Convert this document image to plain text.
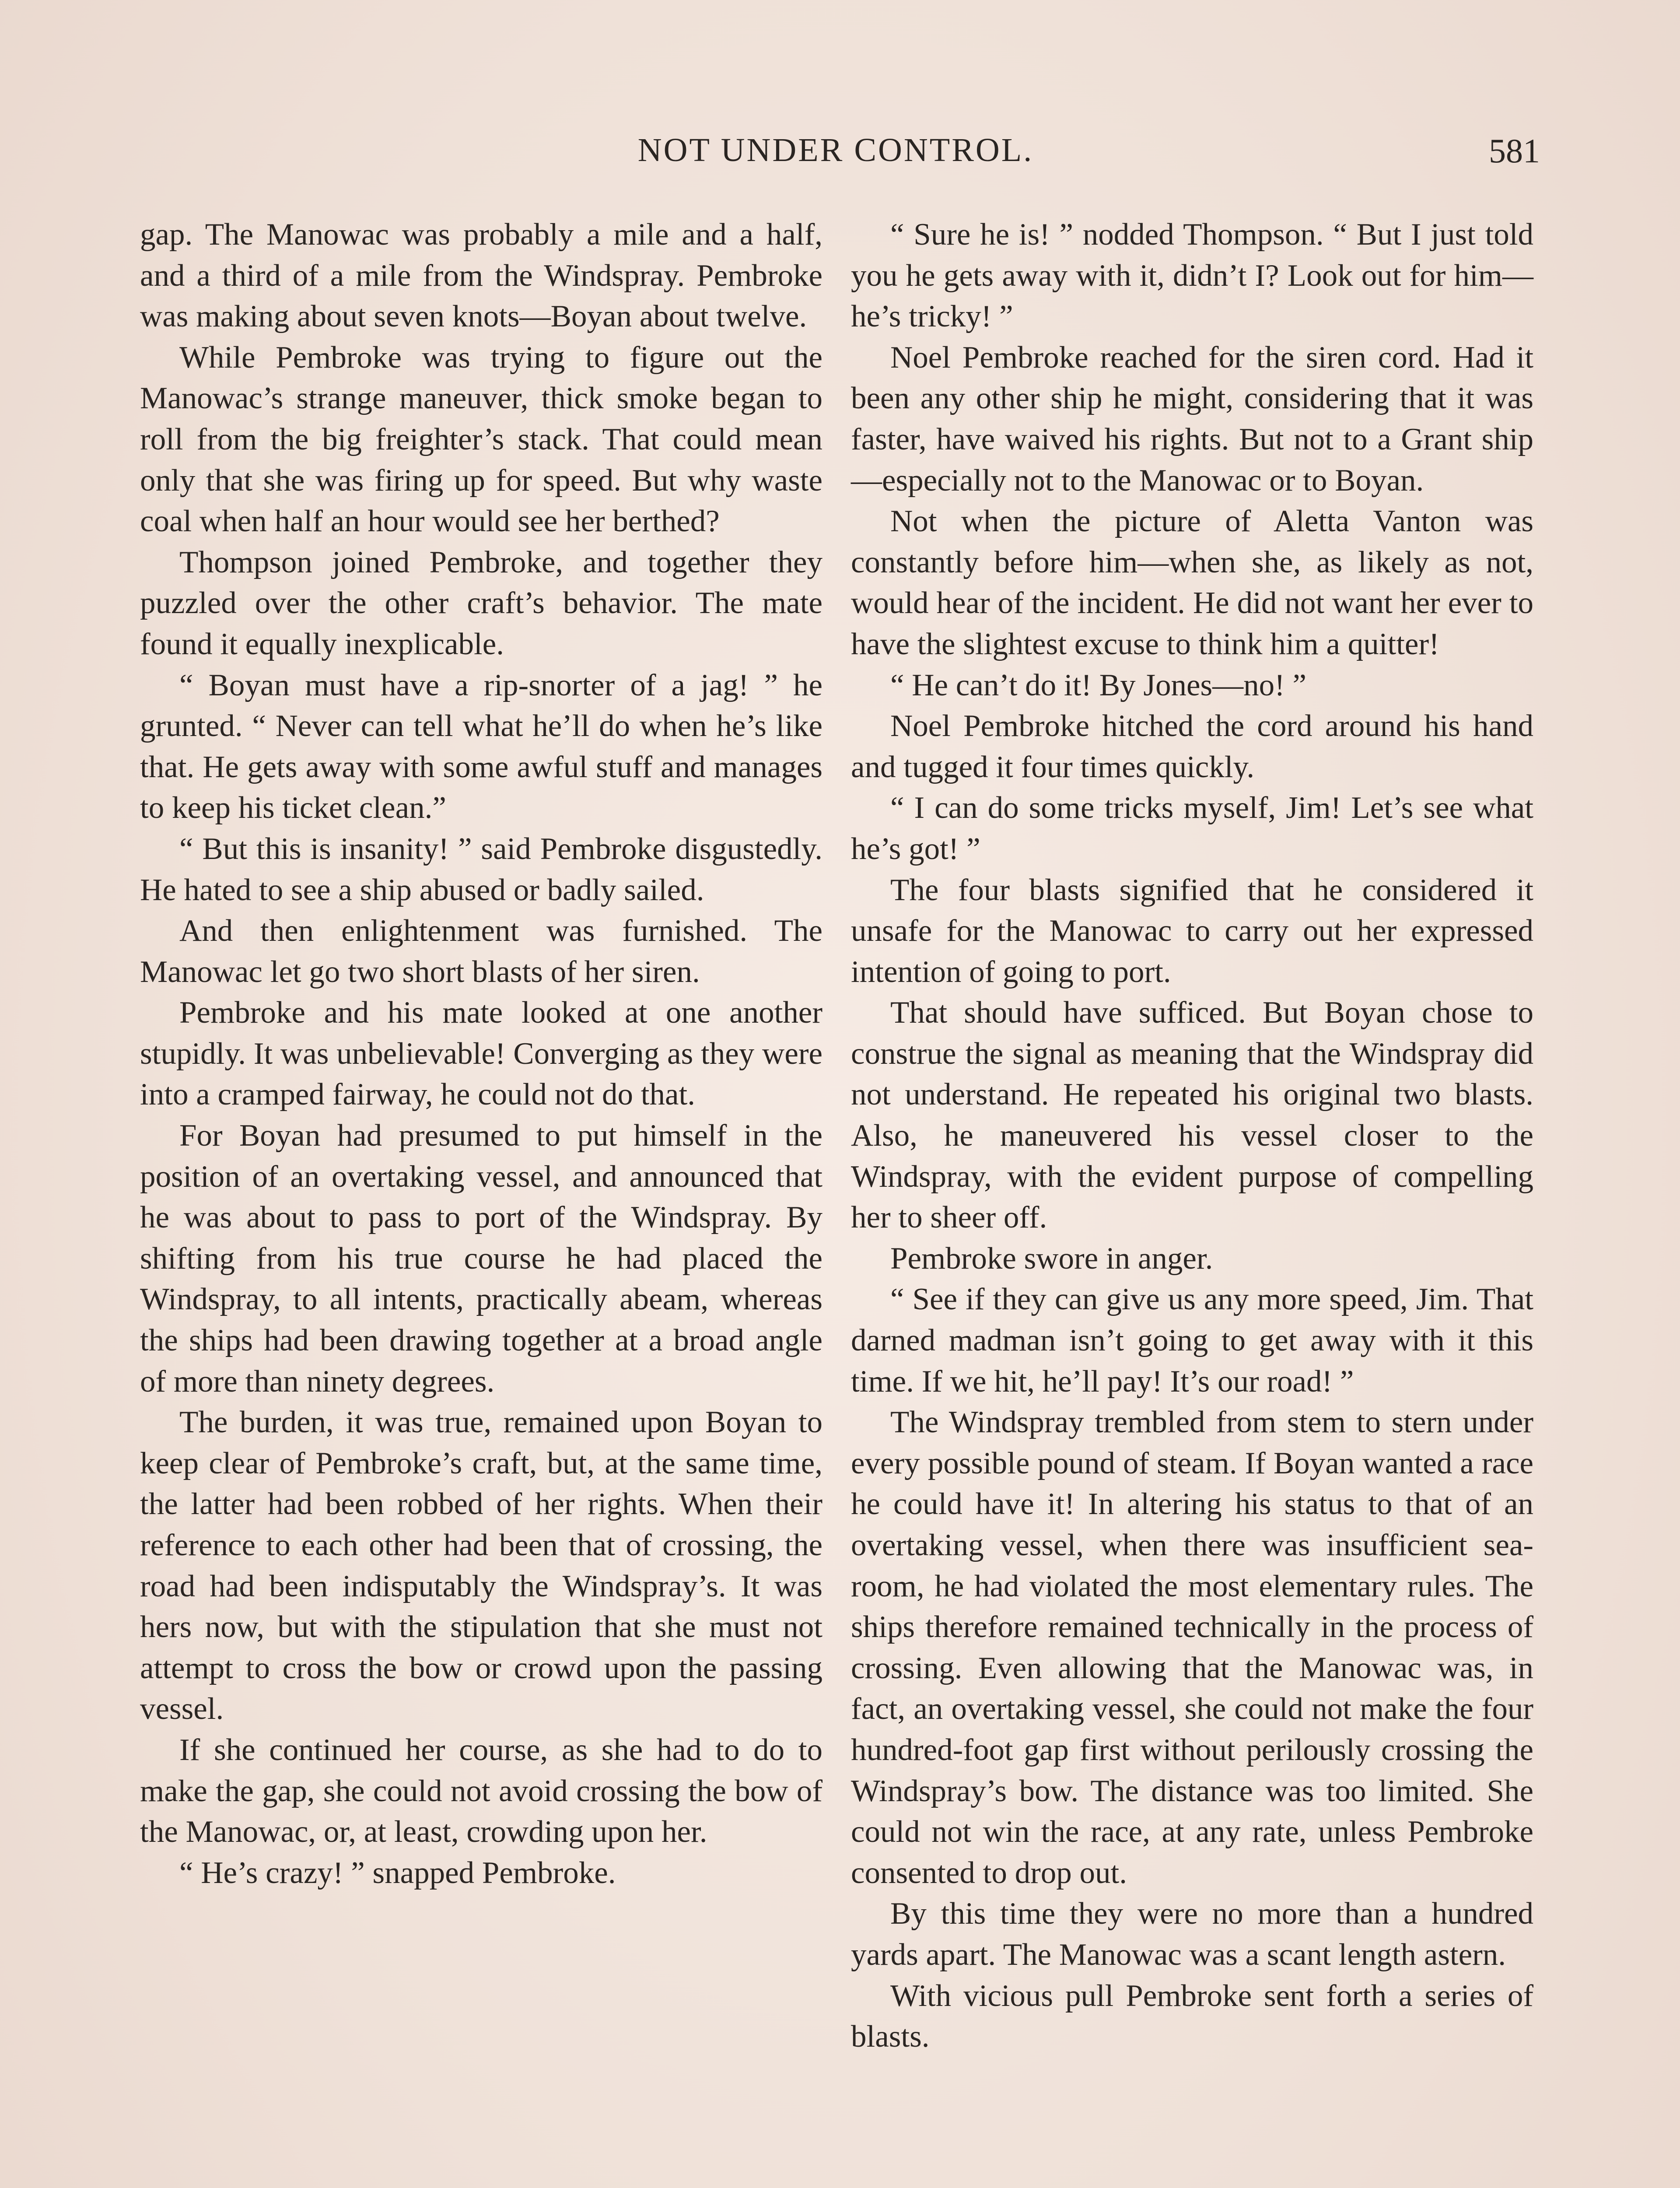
NOT UNDER CONTROL.	581

gap. The Manowac was probably a mile and a half, and a third of a mile from the Windspray. Pembroke was making about seven knots—Boyan about twelve.

While Pembroke was trying to figure out the Manowac’s strange maneuver, thick smoke began to roll from the big freighter’s stack. That could mean only that she was firing up for speed. But why waste coal when half an hour would see her berthed?

Thompson joined Pembroke, and together they puzzled over the other craft’s behavior. The mate found it equally inexplicable.

“ Boyan must have a rip-snorter of a jag! ” he grunted. “ Never can tell what he’ll do when he’s like that. He gets away with some awful stuff and manages to keep his ticket clean.”

“ But this is insanity! ” said Pembroke disgustedly. He hated to see a ship abused or badly sailed.

And then enlightenment was furnished. The Manowac let go two short blasts of her siren.

Pembroke and his mate looked at one another stupidly. It was unbelievable! Converging as they were into a cramped fairway, he could not do that.

For Boyan had presumed to put himself in the position of an overtaking vessel, and announced that he was about to pass to port of the Windspray. By shifting from his true course he had placed the Windspray, to all intents, practically abeam, whereas the ships had been drawing together at a broad angle of more than ninety degrees.

The burden, it was true, remained upon Boyan to keep clear of Pembroke’s craft, but, at the same time, the latter had been robbed of her rights. When their reference to each other had been that of crossing, the road had been indisputably the Windspray’s. It was hers now, but with the stipulation that she must not attempt to cross the bow or crowd upon the passing vessel.

If she continued her course, as she had to do to make the gap, she could not avoid crossing the bow of the Manowac, or, at least, crowding upon her.

“ He’s crazy! ” snapped Pembroke.

“ Sure he is! ” nodded Thompson. “ But I just told you he gets away with it, didn’t I? Look out for him—he’s tricky! ”

Noel Pembroke reached for the siren cord. Had it been any other ship he might, considering that it was faster, have waived his rights. But not to a Grant ship—especially not to the Manowac or to Boyan.

Not when the picture of Aletta Vanton was constantly before him—when she, as likely as not, would hear of the incident. He did not want her ever to have the slightest excuse to think him a quitter!

“ He can’t do it! By Jones—no! ”

Noel Pembroke hitched the cord around his hand and tugged it four times quickly.

“ I can do some tricks myself, Jim! Let’s see what he’s got! ”

The four blasts signified that he considered it unsafe for the Manowac to carry out her expressed intention of going to port.

That should have sufficed. But Boyan chose to construe the signal as meaning that the Windspray did not understand. He repeated his original two blasts. Also, he maneuvered his vessel closer to the Windspray, with the evident purpose of compelling her to sheer off.

Pembroke swore in anger.

“ See if they can give us any more speed, Jim. That darned madman isn’t going to get away with it this time. If we hit, he’ll pay! It’s our road! ”

The Windspray trembled from stem to stern under every possible pound of steam. If Boyan wanted a race he could have it! In altering his status to that of an overtaking vessel, when there was insufficient sea-room, he had violated the most elementary rules. The ships therefore remained technically in the process of crossing. Even allowing that the Manowac was, in fact, an overtaking vessel, she could not make the four hundred-foot gap first without perilously crossing the Windspray’s bow. The distance was too limited. She could not win the race, at any rate, unless Pembroke consented to drop out.

By this time they were no more than a hundred yards apart. The Manowac was a scant length astern.

With vicious pull Pembroke sent forth a series of blasts.
